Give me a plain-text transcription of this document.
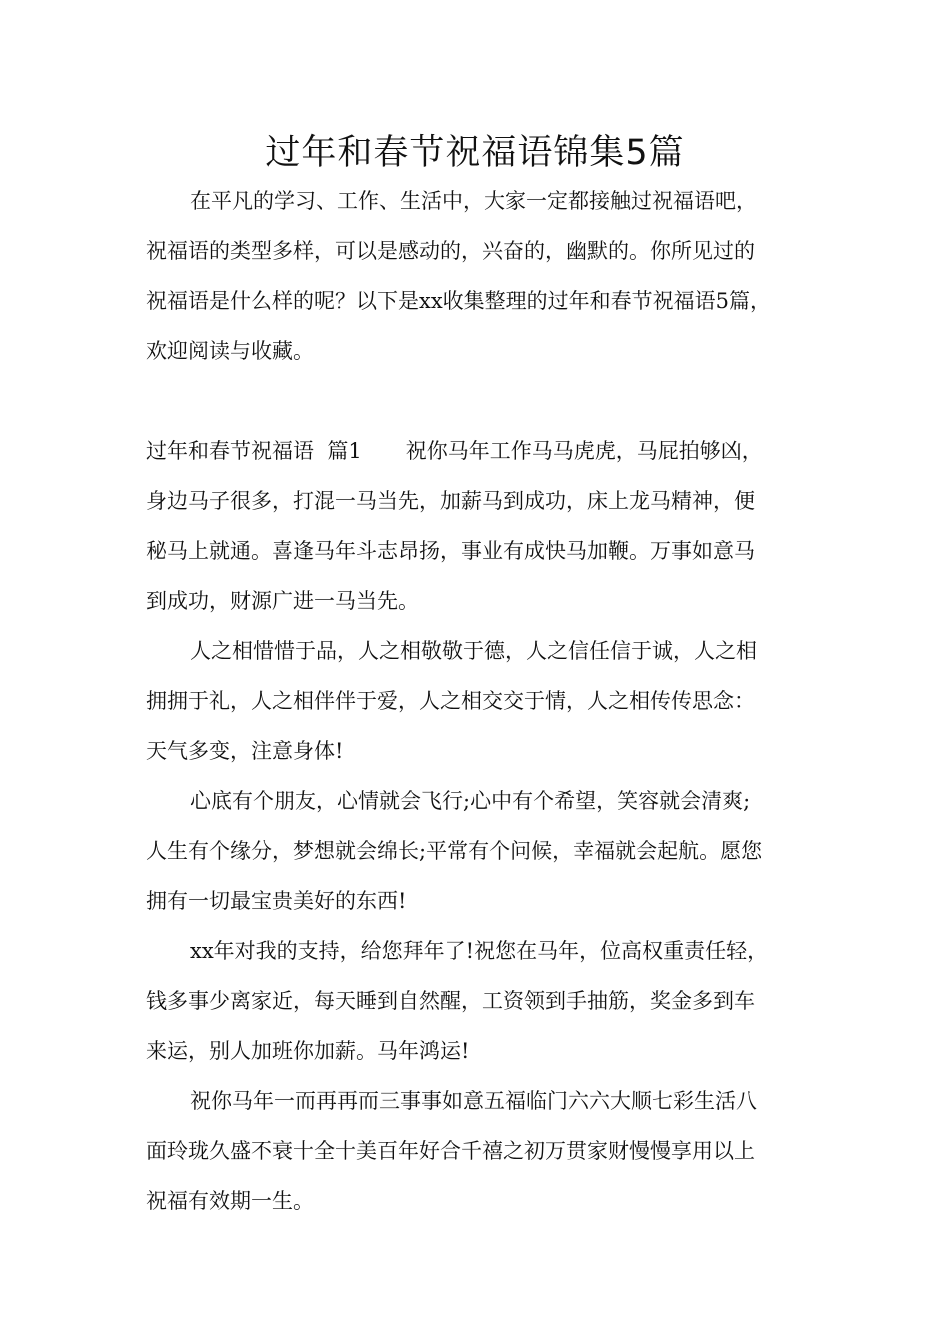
过年和春节祝福语锦集5篇

在平凡的学习、工作、生活中，大家一定都接触过祝福语吧，

祝福语的类型多样，可以是感动的，兴奋的，幽默的。你所见过的

祝福语是什么样的呢？以下是xx收集整理的过年和春节祝福语5篇，

欢迎阅读与收藏。

过年和春节祝福语  篇1 祝你马年工作马马虎虎，马屁拍够凶，

身边马子很多，打混一马当先，加薪马到成功，床上龙马精神，便

秘马上就通。喜逢马年斗志昂扬，事业有成快马加鞭。万事如意马

到成功，财源广进一马当先。

人之相惜惜于品，人之相敬敬于德，人之信任信于诚，人之相

拥拥于礼，人之相伴伴于爱，人之相交交于情，人之相传传思念：

天气多变，注意身体!

心底有个朋友，心情就会飞行;心中有个希望，笑容就会清爽;

人生有个缘分，梦想就会绵长;平常有个问候，幸福就会起航。愿您

拥有一切最宝贵美好的东西!

xx年对我的支持，给您拜年了!祝您在马年，位高权重责任轻，

钱多事少离家近，每天睡到自然醒，工资领到手抽筋，奖金多到车

来运，别人加班你加薪。马年鸿运!

祝你马年一而再再而三事事如意五福临门六六大顺七彩生活八

面玲珑久盛不衰十全十美百年好合千禧之初万贯家财慢慢享用以上

祝福有效期一生。
